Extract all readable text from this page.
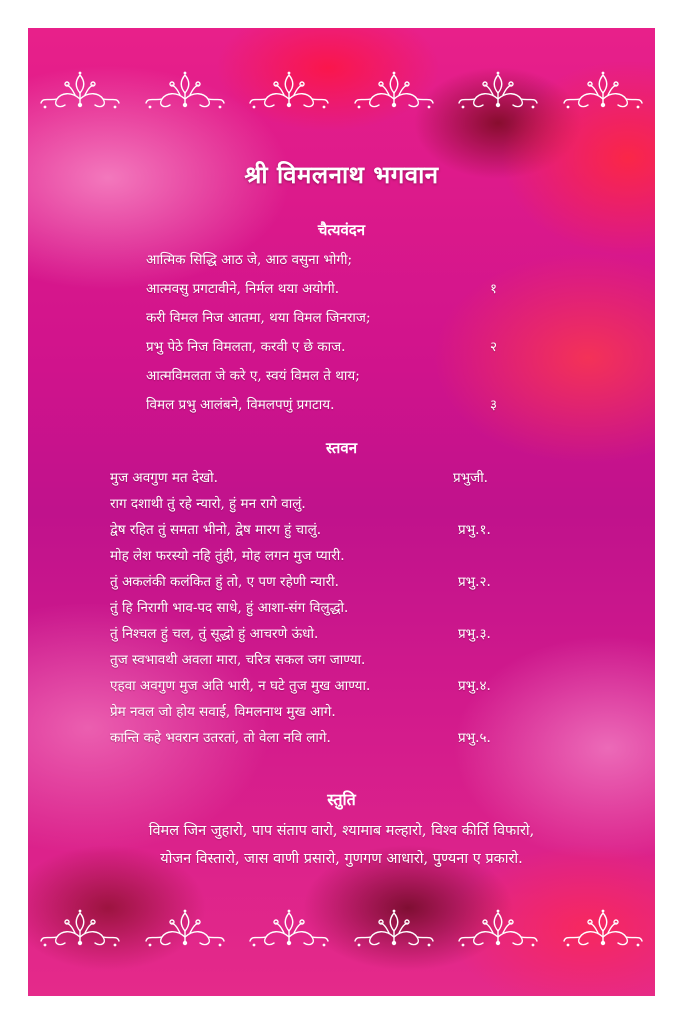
श्री विमलनाथ भगवान
चैत्यवंदन
आत्मिक सिद्धि आठ जे, आठ वसुना भोगी;
आत्मवसु प्रगटावीने, निर्मल थया अयोगी.	१
करी विमल निज आतमा, थया विमल जिनराज;
प्रभु पेठे निज विमलता, करवी ए छे काज.	२
आत्मविमलता जे करे ए, स्वयं विमल ते थाय;
विमल प्रभु आलंबने, विमलपणुं प्रगटाय.	३
स्तवन
मुज अवगुण मत देखो.	प्रभुजी.
राग दशाथी तुं रहे न्यारो, हुं मन रागे वालुं.
द्वेष रहित तुं समता भीनो, द्वेष मारग हुं चालुं.	प्रभु.१.
मोह लेश फरस्यो नहि तुंही, मोह लगन मुज प्यारी.
तुं अकलंकी कलंकित हुं तो, ए पण रहेणी न्यारी.	प्रभु.२.
तुं हि निरागी भाव-पद साधे, हुं आशा-संग विलुद्धो.
तुं निश्चल हुं चल, तुं सूद्धो हुं आचरणे ऊंधो.	प्रभु.३.
तुज स्वभावथी अवला मारा, चरित्र सकल जग जाण्या.
एहवा अवगुण मुज अति भारी, न घटे तुज मुख आण्या.	प्रभु.४.
प्रेम नवल जो होय सवाई, विमलनाथ मुख आगे.
कान्ति कहे भवरान उतरतां, तो वेला नवि लागे.	प्रभु.५.
स्तुति
विमल जिन जुहारो, पाप संताप वारो, श्यामाब मल्हारो, विश्व कीर्ति विफारो,
योजन विस्तारो, जास वाणी प्रसारो, गुणगण आधारो, पुण्यना ए प्रकारो.
